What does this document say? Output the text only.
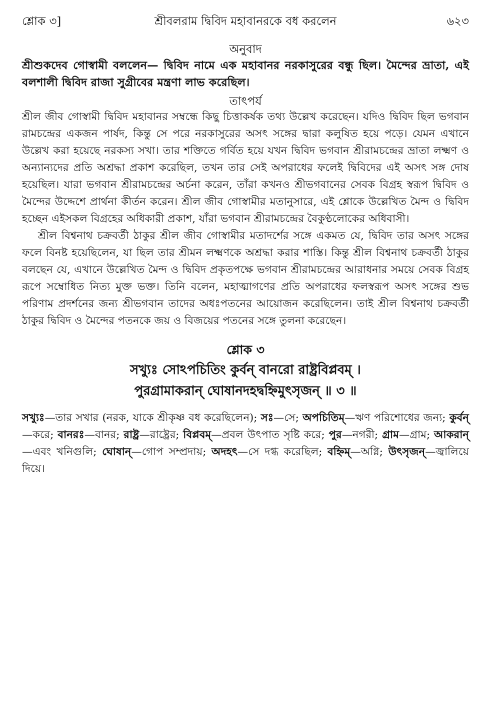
শ্লোক ৩]	শ্রীবলরাম দ্বিবিদ মহাবানরকে বধ করলেন	৬২৩
অনুবাদ
শ্রীশুকদেব গোস্বামী বললেন— দ্বিবিদ নামে এক মহাবানর নরকাসুরের বন্ধু ছিল। মৈন্দের ভ্রাতা, এই বলশালী দ্বিবিদ রাজা সুগ্রীবের মন্ত্রণা লাভ করেছিল।
তাৎপর্য

শ্রীল জীব গোস্বামী দ্বিবিদ মহাবানর সম্বন্ধে কিছু চিত্তাকর্ষক তথ্য উল্লেখ করেছেন। যদিও দ্বিবিদ ছিল ভগবান রামচন্দ্রের একজন পার্ষদ, কিন্তু সে পরে নরকাসুরের অসৎ সঙ্গের দ্বারা কলুষিত হয়ে পড়ে। যেমন এখানে উল্লেখ করা হয়েছে নরকস্য সখা। তার শক্তিতে গর্বিত হয়ে যখন দ্বিবিদ ভগবান শ্রীরামচন্দ্রের ভ্রাতা লক্ষ্মণ ও অন্যান্যদের প্রতি অশ্রদ্ধা প্রকাশ করেছিল, তখন তার সেই অপরাধের ফলেই দ্বিবিদের এই অসৎ সঙ্গ দোষ হয়েছিল। যারা ভগবান শ্রীরামচন্দ্রের অর্চনা করেন, তাঁরা কখনও শ্রীভগবানের সেবক বিগ্রহ স্বরূপ দ্বিবিদ ও মৈন্দের উদ্দেশে প্রার্থনা কীর্তন করেন। শ্রীল জীব গোস্বামীর মতানুসারে, এই শ্লোকে উল্লেখিত মৈন্দ ও দ্বিবিদ হচ্ছেন এইসকল বিগ্রহের অধিকারী প্রকাশ, যাঁরা ভগবান শ্রীরামচন্দ্রের বৈকুণ্ঠলোকের অধিবাসী।

শ্রীল বিশ্বনাথ চক্রবর্তী ঠাকুর শ্রীল জীব গোস্বামীর মতাদর্শের সঙ্গে একমত যে, দ্বিবিদ তার অসৎ সঙ্গের ফলে বিনষ্ট হয়েছিলেন, যা ছিল তার শ্রীমন লক্ষ্মণকে অশ্রদ্ধা করার শাস্তি। কিন্তু শ্রীল বিশ্বনাথ চক্রবর্তী ঠাকুর বলছেন যে, এখানে উল্লেখিত মৈন্দ ও দ্বিবিদ প্রকৃতপক্ষে ভগবান শ্রীরামচন্দ্রের আরাধনার সময়ে সেবক বিগ্রহ রূপে সম্বোধিত নিত্য মুক্ত ভক্ত। তিনি বলেন, মহাত্মাগণের প্রতি অপরাধের ফলস্বরূপ অসৎ সঙ্গের শুভ পরিণাম প্রদর্শনের জন্য শ্রীভগবান তাদের অধঃপতনের আয়োজন করেছিলেন। তাই শ্রীল বিশ্বনাথ চক্রবর্তী ঠাকুর দ্বিবিদ ও মৈন্দের পতনকে জয় ও বিজয়ের পতনের সঙ্গে তুলনা করেছেন।

শ্লোক ৩
সখ্যুঃ সোঽপচিতিং কুর্বন্ বানরো রাষ্ট্রবিপ্লবম্ ।
পুরগ্রামাকরান্ ঘোষানদহদ্বহ্নিমুৎসৃজন্ ॥ ৩ ॥
সখ্যুঃ—তার সখার (নরক, যাকে শ্রীকৃষ্ণ বধ করেছিলেন); সঃ—সে; অপচিতিম্—ঋণ পরিশোধের জন্য; কুর্বন্—করে; বানরঃ—বানর; রাষ্ট্র—রাষ্ট্রের; বিপ্লবম্—প্রবল উৎপাত সৃষ্টি করে; পুর—নগরী; গ্রাম—গ্রাম; আকরান্—এবং খনিগুলি; ঘোষান্—গোপ সম্প্রদায়; অদহৎ—সে দগ্ধ করেছিল; বহ্নিম্—অগ্নি; উৎসৃজন্—জ্বালিয়ে দিয়ে।
